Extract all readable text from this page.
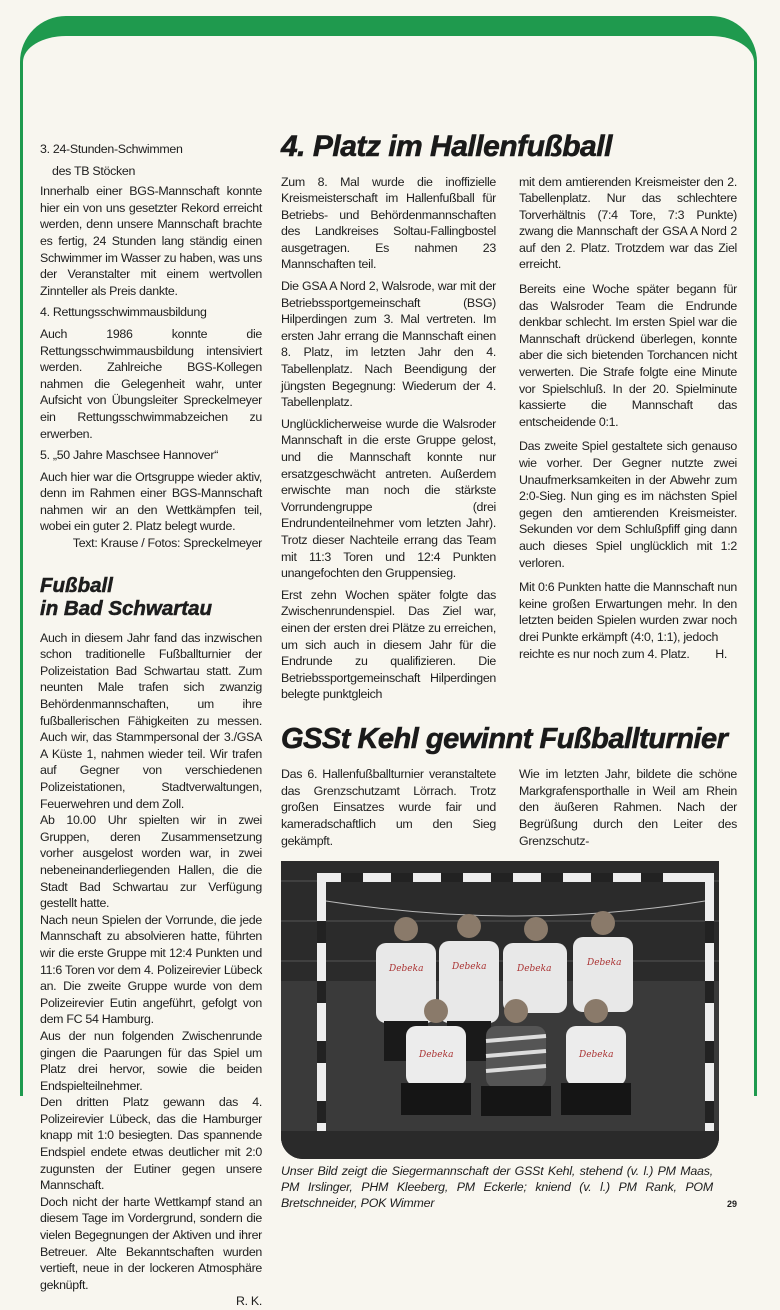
3. 24-Stunden-Schwimmen

des TB Stöcken

Innerhalb einer BGS-Mannschaft konnte hier ein von uns gesetzter Rekord erreicht werden, denn unsere Mannschaft brachte es fertig, 24 Stunden lang ständig einen Schwimmer im Wasser zu haben, was uns der Veranstalter mit einem wertvollen Zinnteller als Preis dankte.

4. Rettungsschwimmausbildung

Auch 1986 konnte die Rettungsschwimmausbildung intensiviert werden. Zahlreiche BGS-Kollegen nahmen die Gelegenheit wahr, unter Aufsicht von Übungsleiter Spreckelmeyer ein Rettungsschwimmabzeichen zu erwerben.

5. „50 Jahre Maschsee Hannover“

Auch hier war die Ortsgruppe wieder aktiv, denn im Rahmen einer BGS-Mannschaft nahmen wir an den Wettkämpfen teil, wobei ein guter 2. Platz belegt wurde.

Text: Krause / Fotos: Spreckelmeyer

Fußball
in Bad Schwartau

Auch in diesem Jahr fand das inzwischen schon traditionelle Fußballturnier der Polizeistation Bad Schwartau statt. Zum neunten Male trafen sich zwanzig Behördenmannschaften, um ihre fußballerischen Fähigkeiten zu messen. Auch wir, das Stammpersonal der 3./GSA A Küste 1, nahmen wieder teil. Wir trafen auf Gegner von verschiedenen Polizeistationen, Stadtverwaltungen, Feuerwehren und dem Zoll.

Ab 10.00 Uhr spielten wir in zwei Gruppen, deren Zusammensetzung vorher ausgelost worden war, in zwei nebeneinanderliegenden Hallen, die die Stadt Bad Schwartau zur Verfügung gestellt hatte.

Nach neun Spielen der Vorrunde, die jede Mannschaft zu absolvieren hatte, führten wir die erste Gruppe mit 12:4 Punkten und 11:6 Toren vor dem 4. Polizeirevier Lübeck an. Die zweite Gruppe wurde von dem Polizeirevier Eutin angeführt, gefolgt von dem FC 54 Hamburg.

Aus der nun folgenden Zwischenrunde gingen die Paarungen für das Spiel um Platz drei hervor, sowie die beiden Endspielteilnehmer.

Den dritten Platz gewann das 4. Polizeirevier Lübeck, das die Hamburger knapp mit 1:0 besiegten. Das spannende Endspiel endete etwas deutlicher mit 2:0 zugunsten der Eutiner gegen unsere Mannschaft.

Doch nicht der harte Wettkampf stand an diesem Tage im Vordergrund, sondern die vielen Begegnungen der Aktiven und ihrer Betreuer. Alte Bekanntschaften wurden vertieft, neue in der lockeren Atmosphäre geknüpft.

R. K.
4. Platz im Hallenfußball

Zum 8. Mal wurde die inoffizielle Kreismeisterschaft im Hallenfußball für Betriebs- und Behördenmannschaften des Landkreises Soltau-Fallingbostel ausgetragen. Es nahmen 23 Mannschaften teil.

Die GSA A Nord 2, Walsrode, war mit der Betriebssportgemeinschaft (BSG) Hilperdingen zum 3. Mal vertreten. Im ersten Jahr errang die Mannschaft einen 8. Platz, im letzten Jahr den 4. Tabellenplatz. Nach Beendigung der jüngsten Begegnung: Wiederum der 4. Tabellenplatz.

Unglücklicherweise wurde die Walsroder Mannschaft in die erste Gruppe gelost, und die Mannschaft konnte nur ersatzgeschwächt antreten. Außerdem erwischte man noch die stärkste Vorrundengruppe (drei Endrundenteilnehmer vom letzten Jahr). Trotz dieser Nachteile errang das Team mit 11:3 Toren und 12:4 Punkten unangefochten den Gruppensieg.

Erst zehn Wochen später folgte das Zwischenrundenspiel. Das Ziel war, einen der ersten drei Plätze zu erreichen, um sich auch in diesem Jahr für die Endrunde zu qualifizieren. Die Betriebssportgemeinschaft Hilperdingen belegte punktgleich

mit dem amtierenden Kreismeister den 2. Tabellenplatz. Nur das schlechtere Torverhältnis (7:4 Tore, 7:3 Punkte) zwang die Mannschaft der GSA A Nord 2 auf den 2. Platz. Trotzdem war das Ziel erreicht.

Bereits eine Woche später begann für das Walsroder Team die Endrunde denkbar schlecht. Im ersten Spiel war die Mannschaft drückend überlegen, konnte aber die sich bietenden Torchancen nicht verwerten. Die Strafe folgte eine Minute vor Spielschluß. In der 20. Spielminute kassierte die Mannschaft das entscheidende 0:1.

Das zweite Spiel gestaltete sich genauso wie vorher. Der Gegner nutzte zwei Unaufmerksamkeiten in der Abwehr zum 2:0-Sieg. Nun ging es im nächsten Spiel gegen den amtierenden Kreismeister. Sekunden vor dem Schlußpfiff ging dann auch dieses Spiel unglücklich mit 1:2 verloren.

Mit 0:6 Punkten hatte die Mannschaft nun keine großen Erwartungen mehr. In den letzten beiden Spielen wurden zwar noch drei Punkte erkämpft (4:0, 1:1), jedoch

reichte es nur noch zum 4. Platz. H.
GSSt Kehl gewinnt Fußballturnier

Das 6. Hallenfußballturnier veranstaltete das Grenzschutzamt Lörrach. Trotz großen Einsatzes wurde fair und kameradschaftlich um den Sieg gekämpft.

Wie im letzten Jahr, bildete die schöne Markgrafensporthalle in Weil am Rhein den äußeren Rahmen. Nach der Begrüßung durch den Leiter des Grenzschutz-

Debeka	Debeka	Debeka
Debeka
Debeka	Debeka
Unser Bild zeigt die Siegermannschaft der GSSt Kehl, stehend (v. l.) PM Maas, PM Irslinger, PHM Kleeberg, PM Eckerle; kniend (v. l.) PM Rank, POM Bretschneider, POK Wimmer	29
